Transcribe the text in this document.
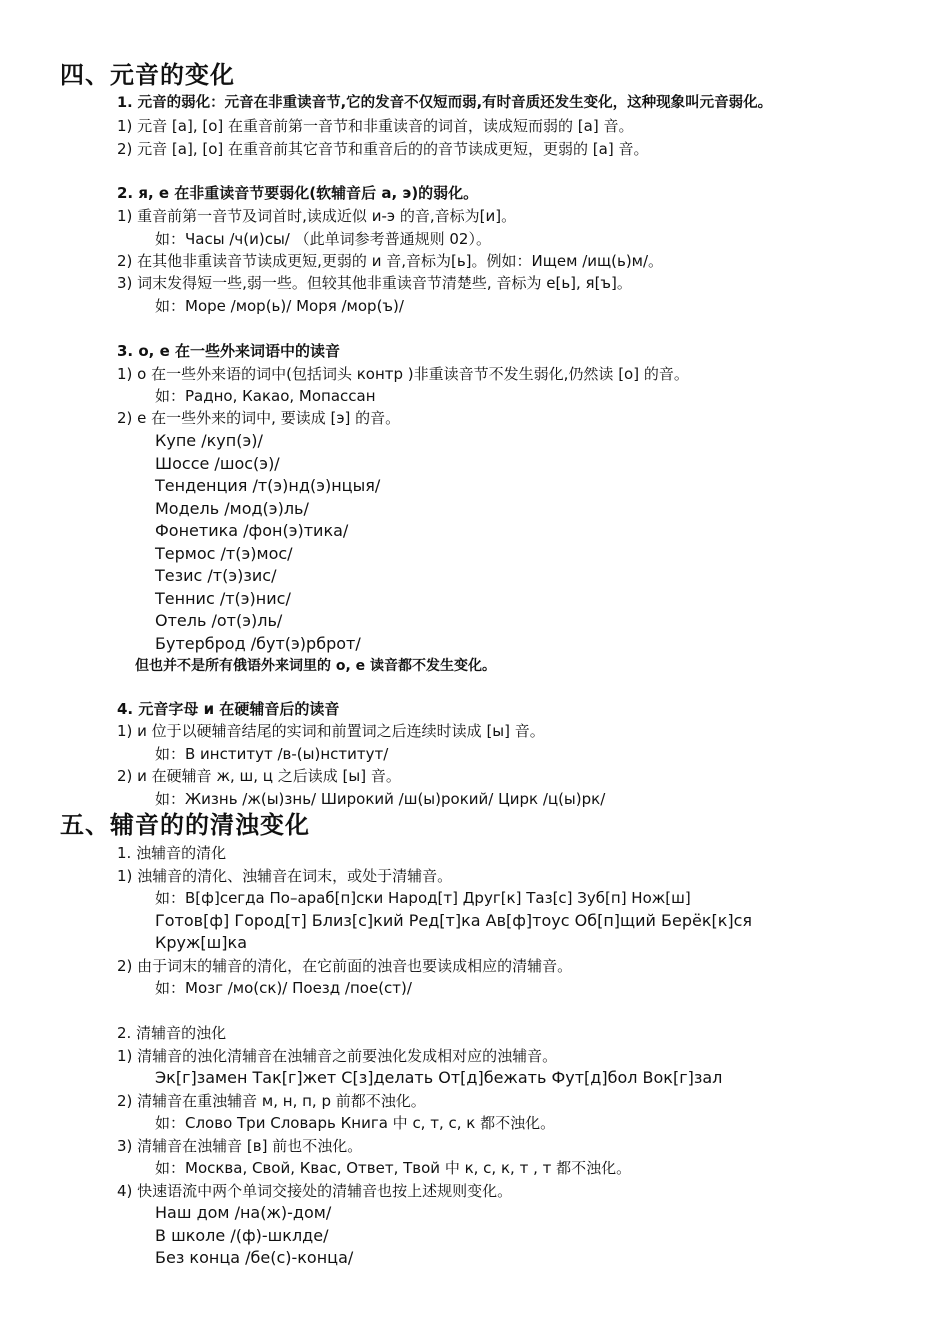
四、元音的变化
1. 元音的弱化：元音在非重读音节,它的发音不仅短而弱,有时音质还发生变化，这种现象叫元音弱化。
1) 元音 [а], [о] 在重音前第一音节和非重读音的词首，读成短而弱的 [а] 音。
2) 元音 [а], [о] 在重音前其它音节和重音后的的音节读成更短，更弱的 [а] 音。
2. я, е 在非重读音节要弱化(软辅音后 а, э)的弱化。
1) 重音前第一音节及词首时,读成近似 и-э 的音,音标为[и]。
如：Часы /ч(и)сы/ （此单词参考普通规则 02）。
2) 在其他非重读音节读成更短,更弱的 и 音,音标为[ь]。例如：Ищем /ищ(ь)м/。
3) 词末发得短一些,弱一些。但较其他非重读音节清楚些, 音标为 е[ь], я[ъ]。
如：Море /мор(ь)/ Моря /мор(ъ)/
3. о, е 在一些外来词语中的读音
1) о 在一些外来语的词中(包括词头 контр )非重读音节不发生弱化,仍然读 [о] 的音。
如：Радно, Какао, Мопассан
2) е 在一些外来的词中, 要读成 [э] 的音。
Купе /куп(э)/
Шоссе /шос(э)/
Тенденция /т(э)нд(э)нцыя/
Модель /мод(э)ль/
Фонетика /фон(э)тика/
Термос /т(э)мос/
Тезис /т(э)зис/
Теннис /т(э)нис/
Отель /от(э)ль/
Бутерброд /бут(э)рброт/
但也并不是所有俄语外来词里的 о, е 读音都不发生变化。
4. 元音字母 и 在硬辅音后的读音
1) и 位于以硬辅音结尾的实词和前置词之后连续时读成 [ы] 音。
如：В институт /в-(ы)нститут/
2) и 在硬辅音 ж, ш, ц 之后读成 [ы] 音。
如：Жизнь /ж(ы)знь/ Широкий /ш(ы)рокий/ Цирк /ц(ы)рк/
五、辅音的的清浊变化
1. 浊辅音的清化
1) 浊辅音的清化、浊辅音在词末，或处于清辅音。
如：В[ф]сегда По–араб[п]ски Народ[т] Друг[к] Таз[с] Зуб[п] Нож[ш]
Готов[ф] Город[т] Близ[с]кий Ред[т]ка Ав[ф]тоус Об[п]щий Берёк[к]ся
Круж[ш]ка
2) 由于词末的辅音的清化，在它前面的浊音也要读成相应的清辅音。
如：Мозг /мо(ск)/ Поезд /пое(ст)/
2. 清辅音的浊化
1) 清辅音的浊化清辅音在浊辅音之前要浊化发成相对应的浊辅音。
Эк[г]замен Так[г]жет С[з]делать От[д]бежать Фут[д]бол Вок[г]зал
2) 清辅音在重浊辅音 м, н, п, р 前都不浊化。
如：Слово Три Словарь Книга 中 с, т, с, к 都不浊化。
3) 清辅音在浊辅音 [в] 前也不浊化。
如：Москва, Свой, Квас, Ответ, Твой 中 к, с, к, т , т 都不浊化。
4) 快速语流中两个单词交接处的清辅音也按上述规则变化。
Наш дом /на(ж)-дом/
В школе /(ф)-шклде/
Без конца /бе(с)-конца/
